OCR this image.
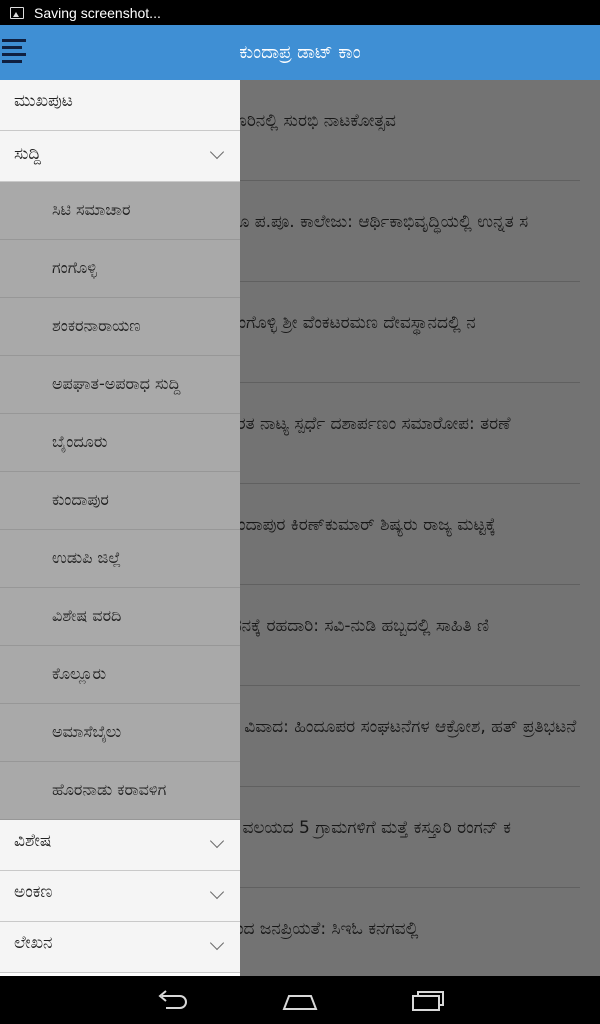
Saving screenshot...
ಕುಂದಾಪ್ರ ಡಾಟ್ ಕಾಂ
ಮುಖಪುಟ
ಸುದ್ದಿ
ಸಿಟಿ ಸಮಾಚಾರ
ಗಂಗೊಳ್ಳಿ
ಶಂಕರನಾರಾಯಣ
ಅಪಘಾತ-ಅಪರಾಧ ಸುದ್ದಿ
ಬೈಂದೂರು
ಕುಂದಾಪುರ
ಉಡುಪಿ ಜಿಲ್ಲೆ
ವಿಶೇಷ ವರದಿ
ಕೊಲ್ಲೂರು
ಅಮಾಸೆಬೈಲು
ಹೊರನಾಡು ಕರಾವಳಿಗ
ವಿಶೇಷ
ಅಂಕಣ
ಲೇಖನ
